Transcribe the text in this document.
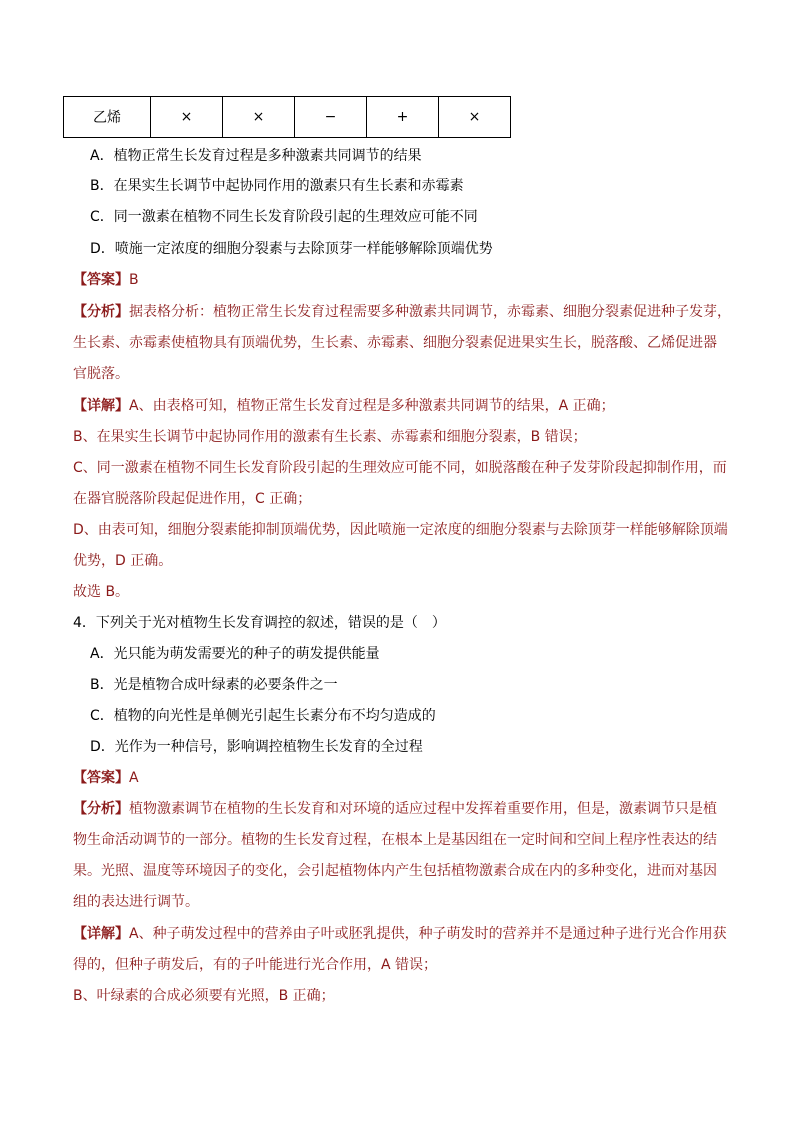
乙烯	×	×	−	+	×
A．植物正常生长发育过程是多种激素共同调节的结果
B．在果实生长调节中起协同作用的激素只有生长素和赤霉素
C．同一激素在植物不同生长发育阶段引起的生理效应可能不同
D．喷施一定浓度的细胞分裂素与去除顶芽一样能够解除顶端优势
【答案】B
【分析】据表格分析：植物正常生长发育过程需要多种激素共同调节，赤霉素、细胞分裂素促进种子发芽，
生长素、赤霉素使植物具有顶端优势，生长素、赤霉素、细胞分裂素促进果实生长，脱落酸、乙烯促进器
官脱落。
【详解】A、由表格可知，植物正常生长发育过程是多种激素共同调节的结果，A 正确；
B、在果实生长调节中起协同作用的激素有生长素、赤霉素和细胞分裂素，B 错误；
C、同一激素在植物不同生长发育阶段引起的生理效应可能不同，如脱落酸在种子发芽阶段起抑制作用，而
在器官脱落阶段起促进作用，C 正确；
D、由表可知，细胞分裂素能抑制顶端优势，因此喷施一定浓度的细胞分裂素与去除顶芽一样能够解除顶端
优势，D 正确。
故选 B。
4．下列关于光对植物生长发育调控的叙述，错误的是（　）
A．光只能为萌发需要光的种子的萌发提供能量
B．光是植物合成叶绿素的必要条件之一
C．植物的向光性是单侧光引起生长素分布不均匀造成的
D．光作为一种信号，影响调控植物生长发育的全过程
【答案】A
【分析】植物激素调节在植物的生长发育和对环境的适应过程中发挥着重要作用，但是，激素调节只是植
物生命活动调节的一部分。植物的生长发育过程，在根本上是基因组在一定时间和空间上程序性表达的结
果。光照、温度等环境因子的变化，会引起植物体内产生包括植物激素合成在内的多种变化，进而对基因
组的表达进行调节。
【详解】A、种子萌发过程中的营养由子叶或胚乳提供，种子萌发时的营养并不是通过种子进行光合作用获
得的，但种子萌发后，有的子叶能进行光合作用，A 错误；
B、叶绿素的合成必须要有光照，B 正确；
